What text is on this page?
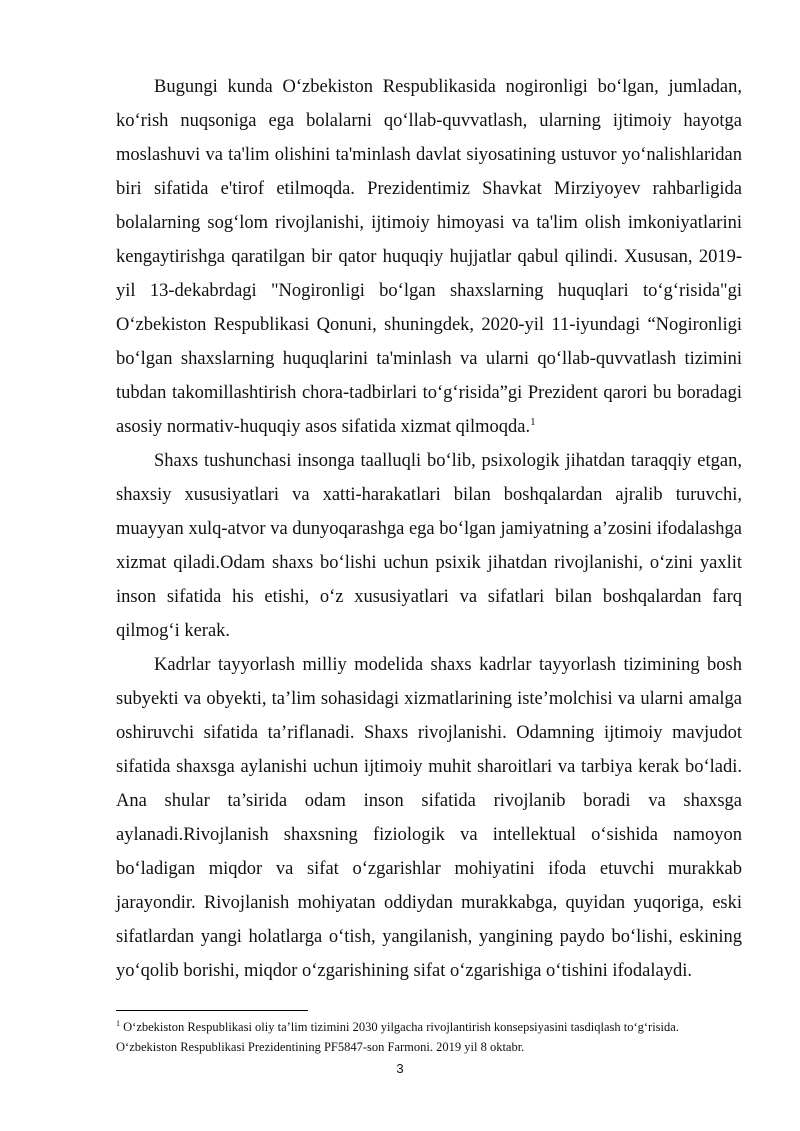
Bugungi kunda O‘zbekiston Respublikasida nogironligi bo‘lgan, jumladan, ko‘rish nuqsoniga ega bolalarni qo‘llab-quvvatlash, ularning ijtimoiy hayotga moslashuvi va ta'lim olishini ta'minlash davlat siyosatining ustuvor yo‘nalishlaridan biri sifatida e'tirof etilmoqda. Prezidentimiz Shavkat Mirziyoyev rahbarligida bolalarning sog‘lom rivojlanishi, ijtimoiy himoyasi va ta'lim olish imkoniyatlarini kengaytirishga qaratilgan bir qator huquqiy hujjatlar qabul qilindi. Xususan, 2019-yil 13-dekabrdagi "Nogironligi bo‘lgan shaxslarning huquqlari to‘g‘risida"gi O‘zbekiston Respublikasi Qonuni, shuningdek, 2020-yil 11-iyundagi “Nogironligi bo‘lgan shaxslarning huquqlarini ta'minlash va ularni qo‘llab-quvvatlash tizimini tubdan takomillashtirish chora-tadbirlari to‘g‘risida”gi Prezident qarori bu boradagi asosiy normativ-huquqiy asos sifatida xizmat qilmoqda.$^1$

Shaxs tushunchasi insonga taalluqli bo‘lib, psixologik jihatdan taraqqiy etgan, shaxsiy xususiyatlari va xatti-harakatlari bilan boshqalardan ajralib turuvchi, muayyan xulq-atvor va dunyoqarashga ega bo‘lgan jamiyatning a’zosini ifodalashga xizmat qiladi.Odam shaxs bo‘lishi uchun psixik jihatdan rivojlanishi, o‘zini yaxlit inson sifatida his etishi, o‘z xususiyatlari va sifatlari bilan boshqalardan farq qilmog‘i kerak.

Kadrlar tayyorlash milliy modelida shaxs kadrlar tayyorlash tizimining bosh subyekti va obyekti, ta’lim sohasidagi xizmatlarining iste’molchisi va ularni amalga oshiruvchi sifatida ta’riflanadi. Shaxs rivojlanishi. Odamning ijtimoiy mavjudot sifatida shaxsga aylanishi uchun ijtimoiy muhit sharoitlari va tarbiya kerak bo‘ladi. Ana shular ta’sirida odam inson sifatida rivojlanib boradi va shaxsga aylanadi.Rivojlanish shaxsning fiziologik va intellektual o‘sishida namoyon bo‘ladigan miqdor va sifat o‘zgarishlar mohiyatini ifoda etuvchi murakkab jarayondir. Rivojlanish mohiyatan oddiydan murakkabga, quyidan yuqoriga, eski sifatlardan yangi holatlarga o‘tish, yangilanish, yangining paydo bo‘lishi, eskining yo‘qolib borishi, miqdor o‘zgarishining sifat o‘zgarishiga o‘tishini ifodalaydi.

$^1$ O‘zbekiston Respublikasi oliy ta’lim tizimini 2030 yilgacha rivojlantirish konsepsiyasini tasdiqlash to‘g‘risida.

O‘zbekiston Respublikasi Prezidentining PF5847-son Farmoni. 2019 yil 8 oktabr.

3
